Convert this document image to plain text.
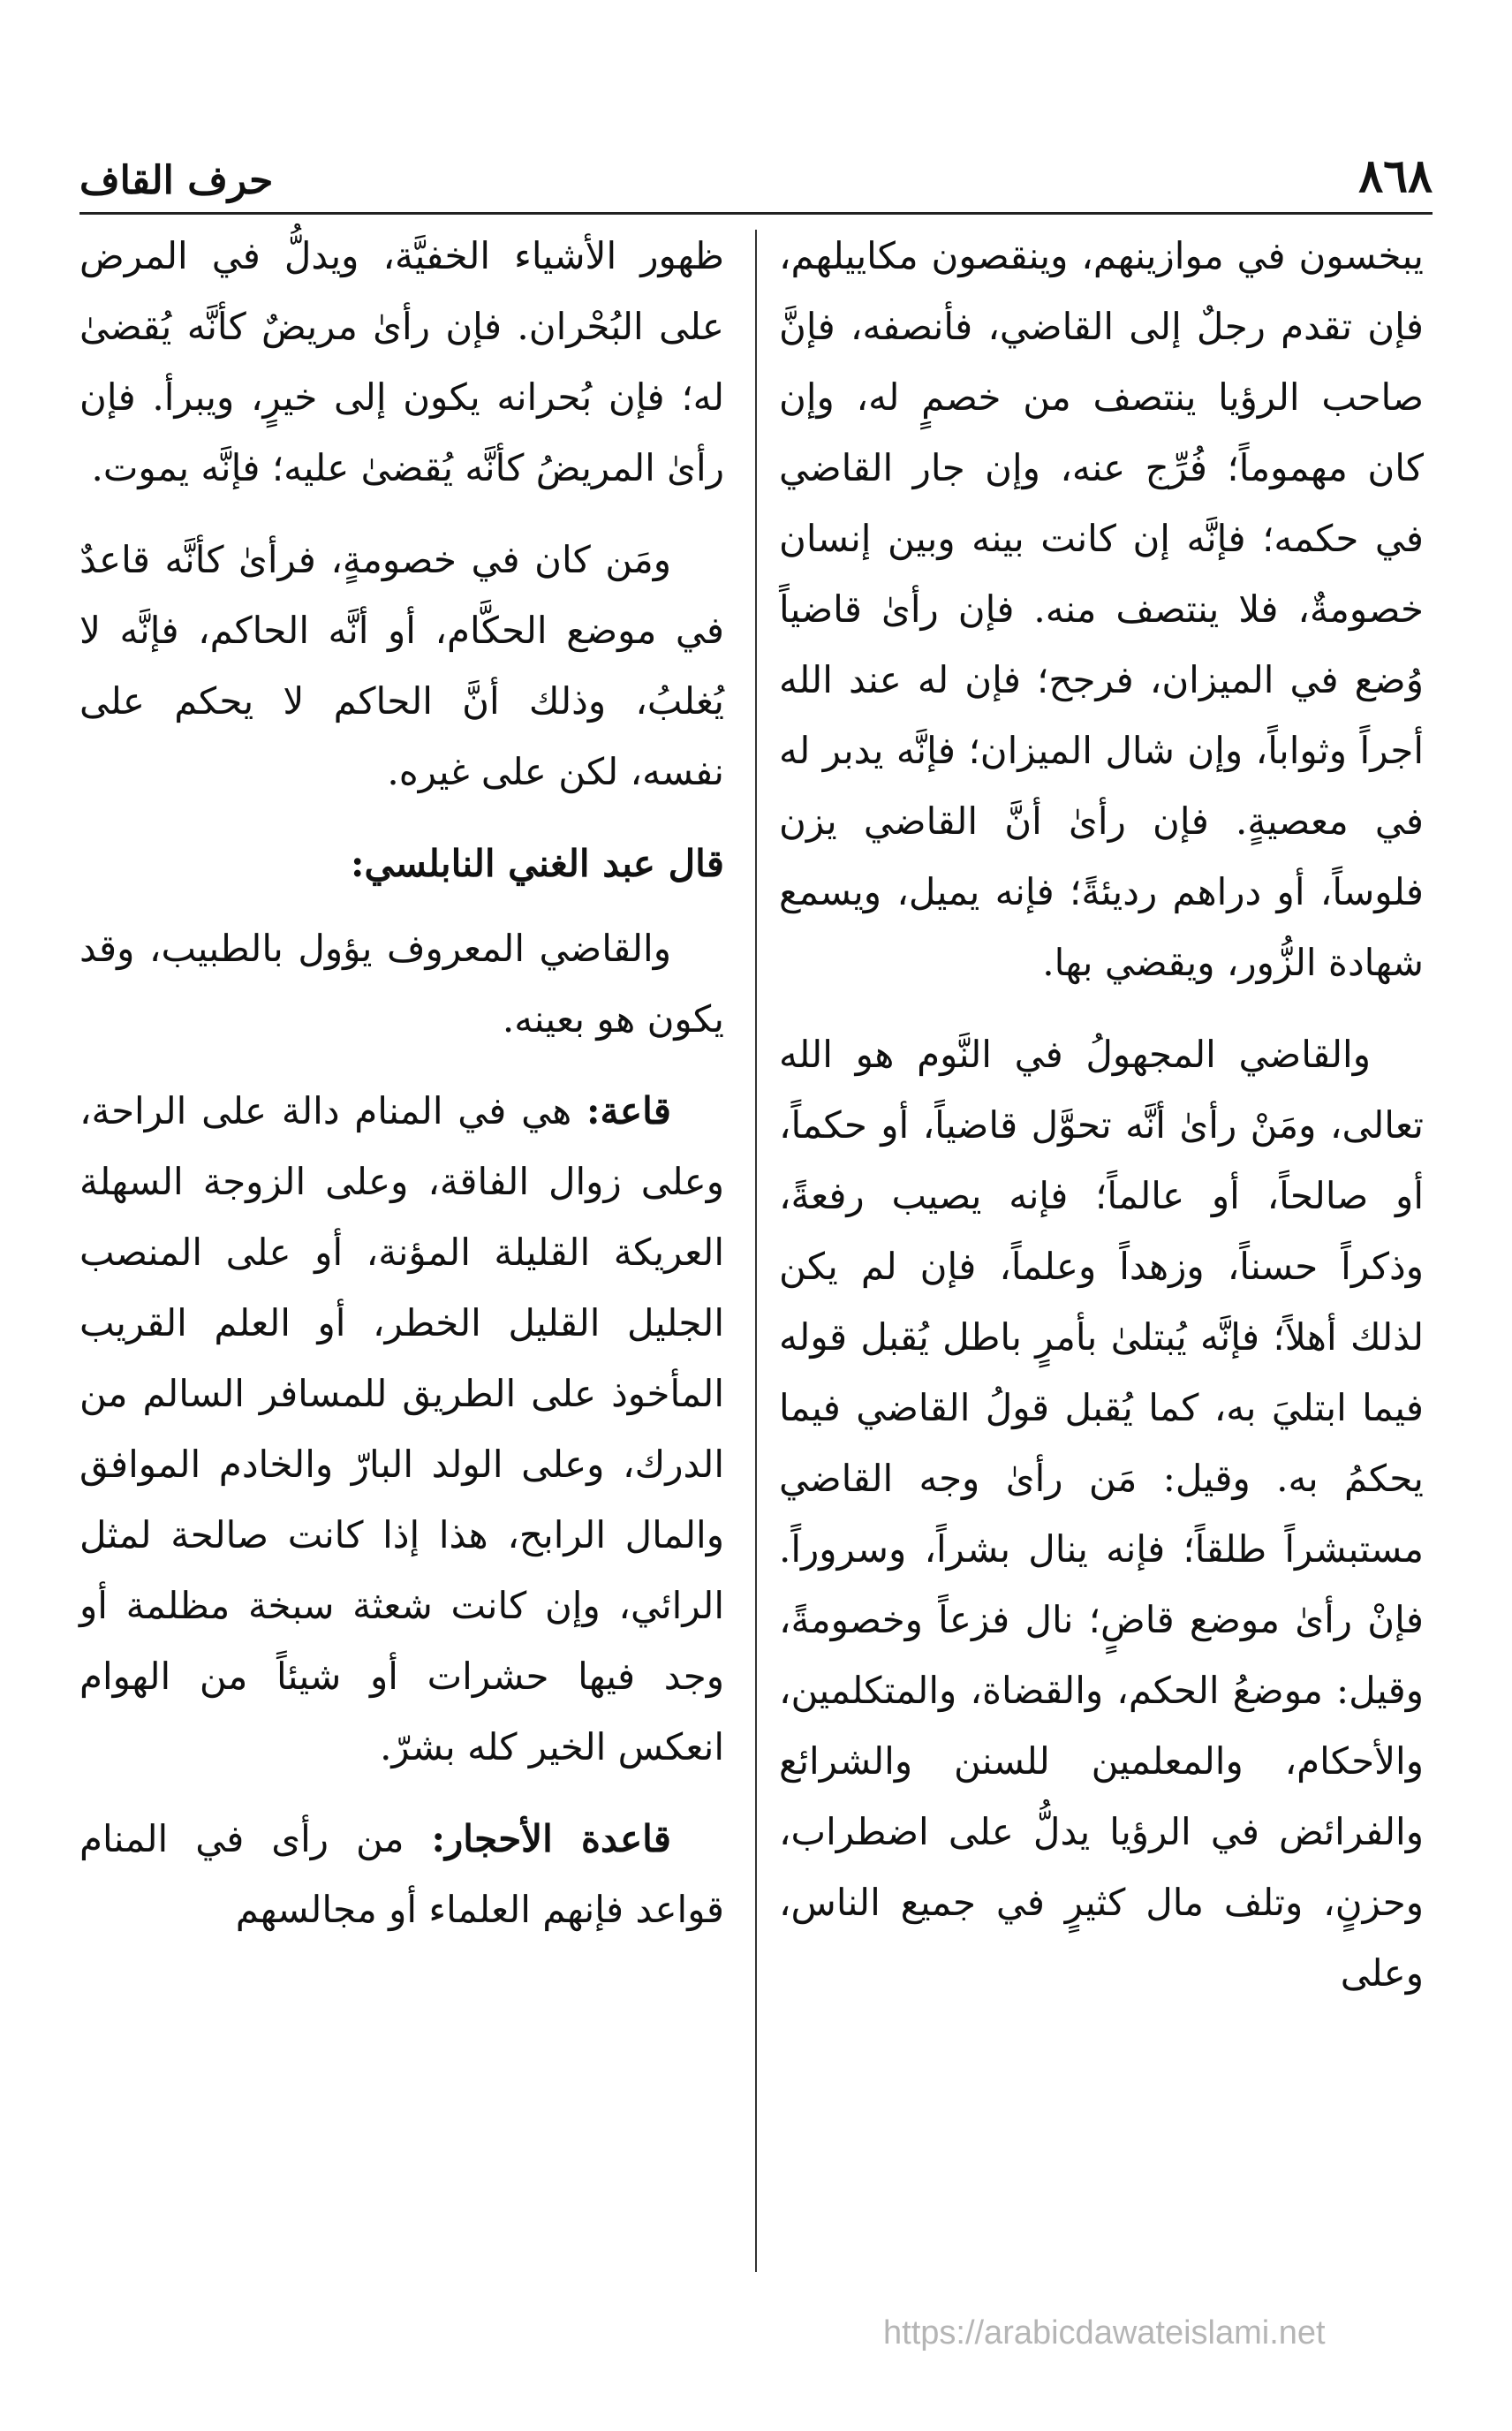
٨٦٨
حرف القاف

يبخسون في موازينهم، وينقصون مكاييلهم، فإن تقدم رجلٌ إلى القاضي، فأنصفه، فإنَّ صاحب الرؤيا ينتصف من خصمٍ له، وإن كان مهموماً؛ فُرِّج عنه، وإن جار القاضي في حكمه؛ فإنَّه إن كانت بينه وبين إنسان خصومةٌ، فلا ينتصف منه. فإن رأىٰ قاضياً وُضع في الميزان، فرجح؛ فإن له عند الله أجراً وثواباً، وإن شال الميزان؛ فإنَّه يدبر له في معصيةٍ. فإن رأىٰ أنَّ القاضي يزن فلوساً، أو دراهم رديئةً؛ فإنه يميل، ويسمع شهادة الزُّور، ويقضي بها.

والقاضي المجهولُ في النَّوم هو الله تعالى، ومَنْ رأىٰ أنَّه تحوَّل قاضياً، أو حكماً، أو صالحاً، أو عالماً؛ فإنه يصيب رفعةً، وذكراً حسناً، وزهداً وعلماً، فإن لم يكن لذلك أهلاً؛ فإنَّه يُبتلىٰ بأمرٍ باطل يُقبل قوله فيما ابتليَ به، كما يُقبل قولُ القاضي فيما يحكمُ به. وقيل: مَن رأىٰ وجه القاضي مستبشراً طلقاً؛ فإنه ينال بشراً، وسروراً. فإنْ رأىٰ موضع قاضٍ؛ نال فزعاً وخصومةً، وقيل: موضعُ الحكم، والقضاة، والمتكلمين، والأحكام، والمعلمين للسنن والشرائع والفرائض في الرؤيا يدلُّ على اضطراب، وحزنٍ، وتلف مال كثيرٍ في جميع الناس، وعلى

ظهور الأشياء الخفيَّة، ويدلُّ في المرض على البُحْران. فإن رأىٰ مريضٌ كأنَّه يُقضىٰ له؛ فإن بُحرانه يكون إلى خيرٍ، ويبرأ. فإن رأىٰ المريضُ كأنَّه يُقضىٰ عليه؛ فإنَّه يموت.

ومَن كان في خصومةٍ، فرأىٰ كأنَّه قاعدٌ في موضع الحكَّام، أو أنَّه الحاكم، فإنَّه لا يُغلبُ، وذلك أنَّ الحاكم لا يحكم على نفسه، لكن على غيره.

قال عبد الغني النابلسي:

والقاضي المعروف يؤول بالطبيب، وقد يكون هو بعينه.

قاعة: هي في المنام دالة على الراحة، وعلى زوال الفاقة، وعلى الزوجة السهلة العريكة القليلة المؤنة، أو على المنصب الجليل القليل الخطر، أو العلم القريب المأخوذ على الطريق للمسافر السالم من الدرك، وعلى الولد البارّ والخادم الموافق والمال الرابح، هذا إذا كانت صالحة لمثل الرائي، وإن كانت شعثة سبخة مظلمة أو وجد فيها حشرات أو شيئاً من الهوام انعكس الخير كله بشرّ.

قاعدة الأحجار: من رأى في المنام قواعد فإنهم العلماء أو مجالسهم

https://arabicdawateislami.net
